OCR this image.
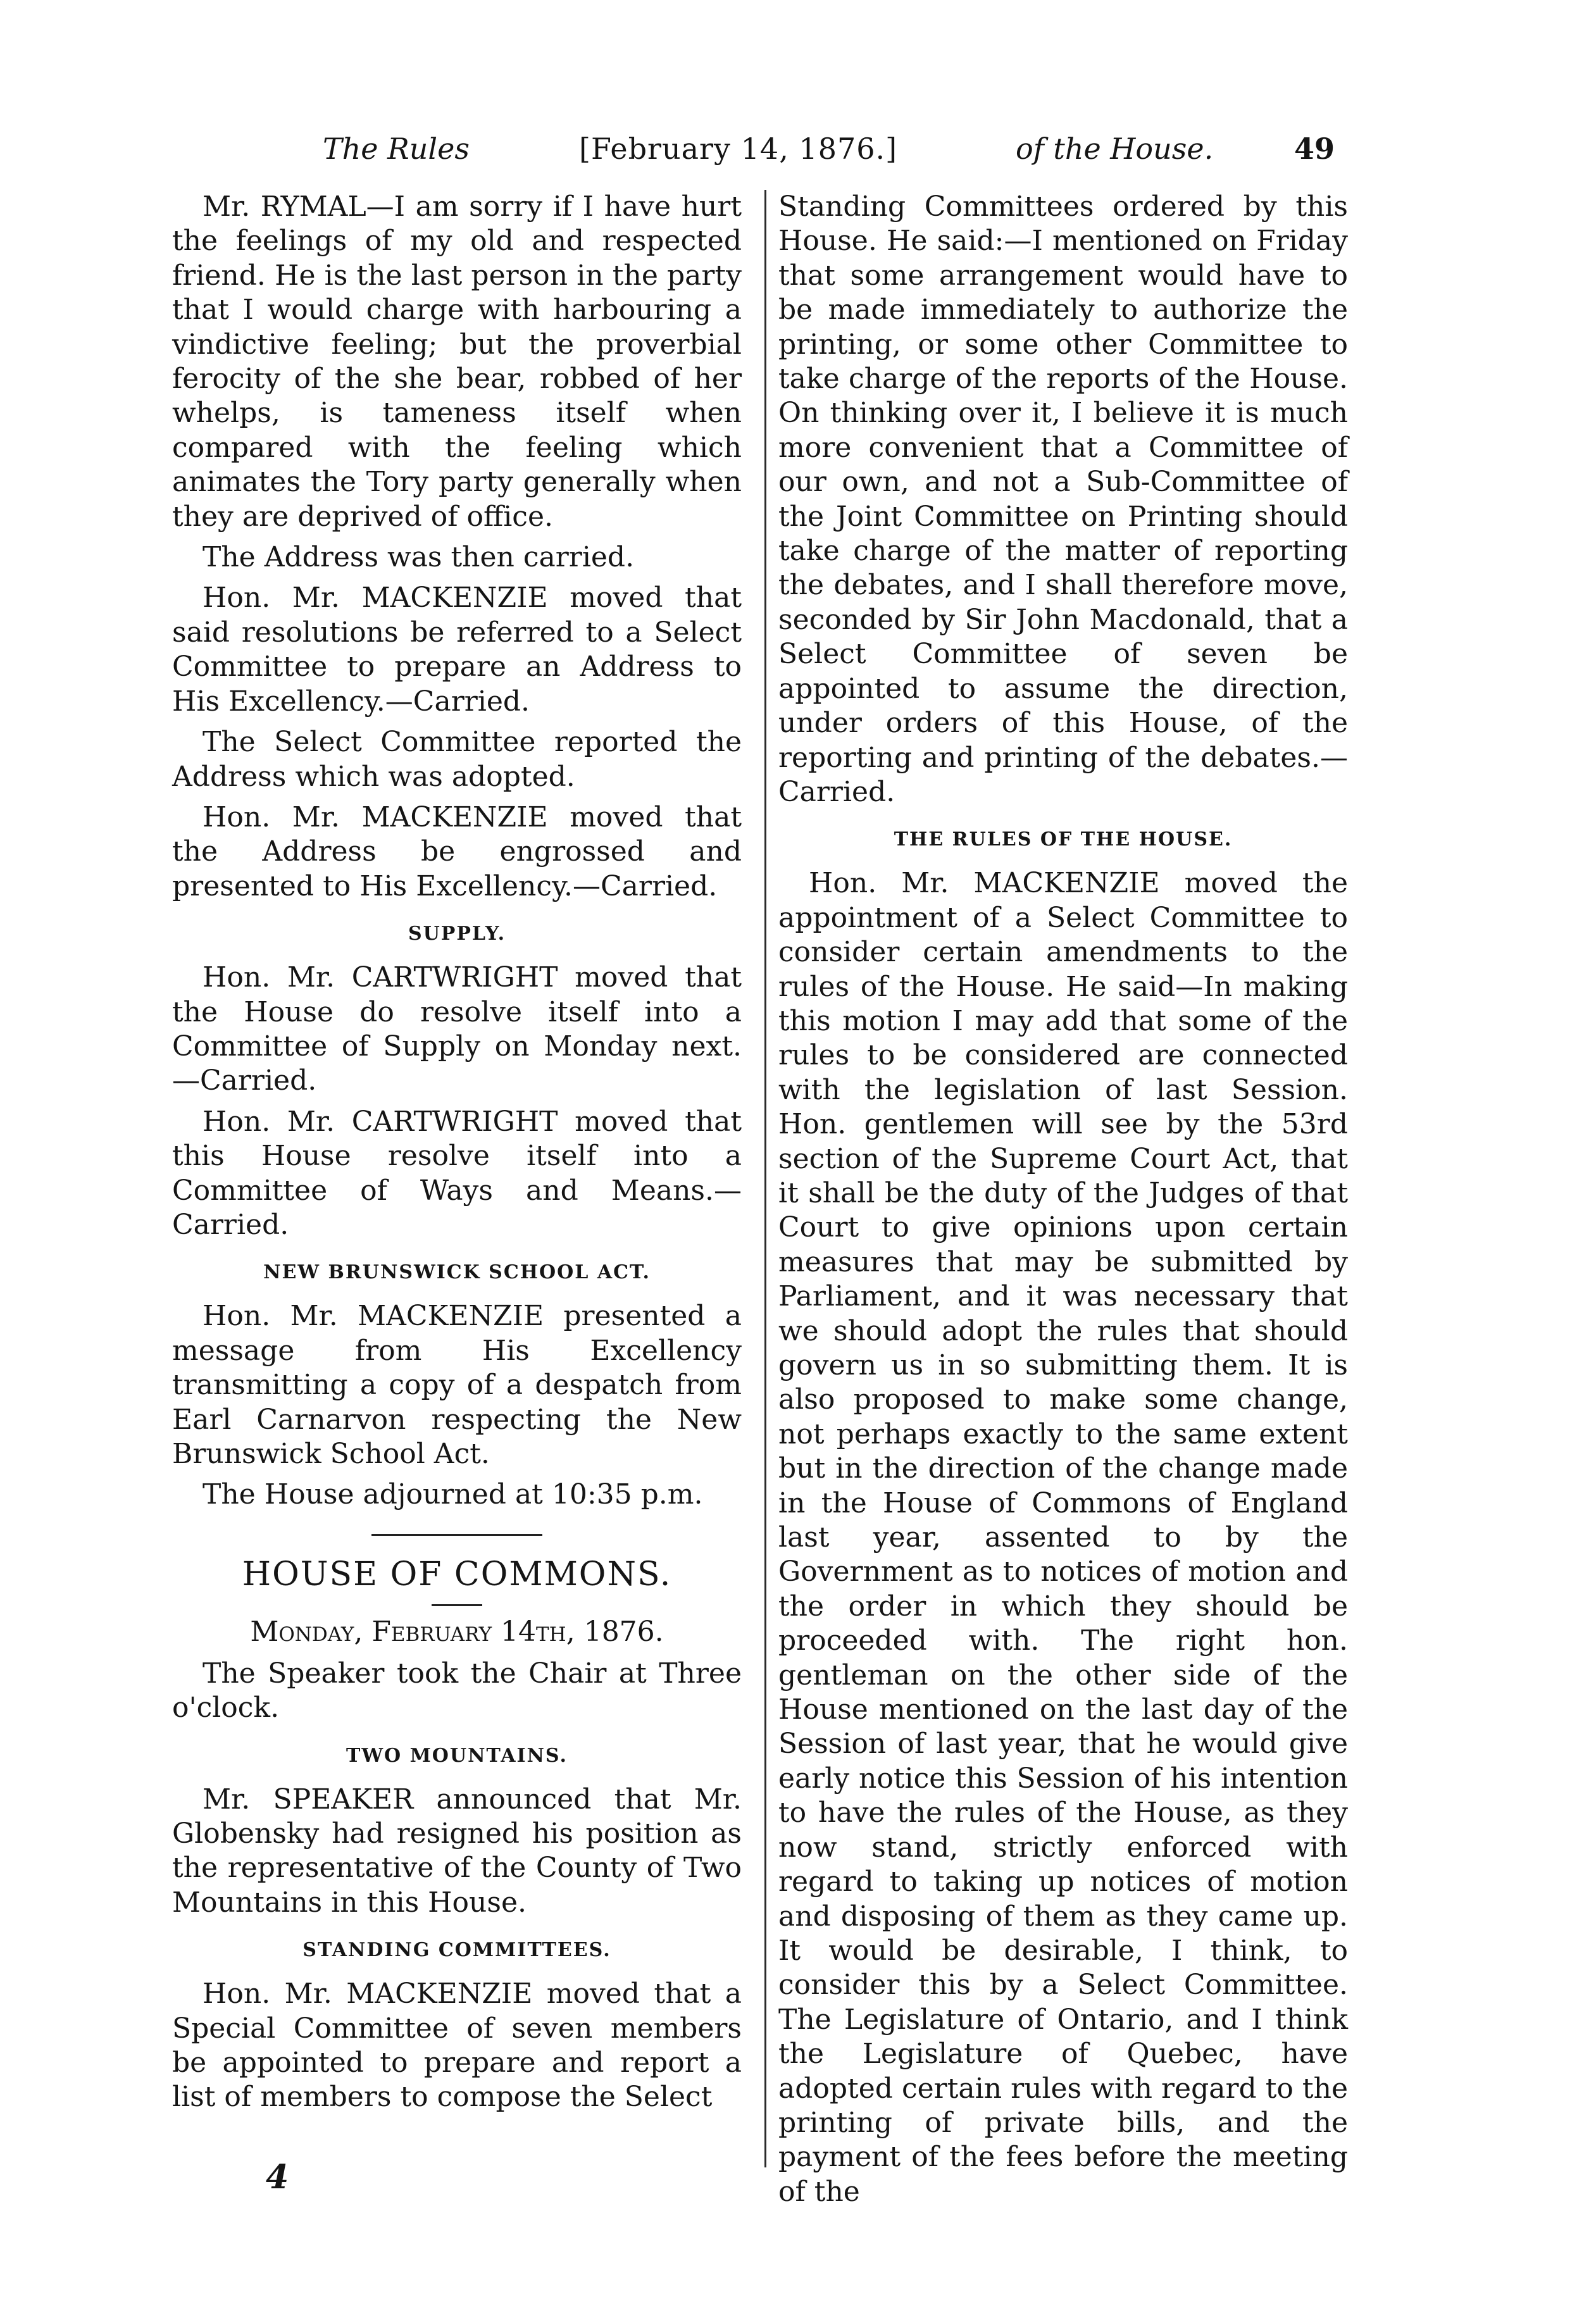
The Rules	[February 14, 1876.]	of the House.	49

Mr. RYMAL—I am sorry if I have hurt the feelings of my old and respected friend. He is the last person in the party that I would charge with harbouring a vindictive feeling; but the proverbial ferocity of the she bear, robbed of her whelps, is tameness itself when compared with the feeling which animates the Tory party generally when they are deprived of office.

The Address was then carried.

Hon. Mr. MACKENZIE moved that said resolutions be referred to a Select Committee to prepare an Address to His Excellency.—Carried.

The Select Committee reported the Address which was adopted.

Hon. Mr. MACKENZIE moved that the Address be engrossed and presented to His Excellency.—Carried.

SUPPLY.

Hon. Mr. CARTWRIGHT moved that the House do resolve itself into a Committee of Supply on Monday next.—Carried.

Hon. Mr. CARTWRIGHT moved that this House resolve itself into a Committee of Ways and Means.—Carried.

NEW BRUNSWICK SCHOOL ACT.

Hon. Mr. MACKENZIE presented a message from His Excellency transmitting a copy of a despatch from Earl Carnarvon respecting the New Brunswick School Act.

The House adjourned at 10:35 p.m.

HOUSE OF COMMONS.
Monday, February 14th, 1876.

The Speaker took the Chair at Three o'clock.

TWO MOUNTAINS.

Mr. SPEAKER announced that Mr. Globensky had resigned his position as the representative of the County of Two Mountains in this House.

STANDING COMMITTEES.

Hon. Mr. MACKENZIE moved that a Special Committee of seven members be appointed to prepare and report a list of members to compose the Select

Standing Committees ordered by this House. He said:—I mentioned on Friday that some arrangement would have to be made immediately to authorize the printing, or some other Committee to take charge of the reports of the House. On thinking over it, I believe it is much more convenient that a Committee of our own, and not a Sub-Committee of the Joint Committee on Printing should take charge of the matter of reporting the debates, and I shall therefore move, seconded by Sir John Macdonald, that a Select Committee of seven be appointed to assume the direction, under orders of this House, of the reporting and printing of the debates.—Carried.

THE RULES OF THE HOUSE.

Hon. Mr. MACKENZIE moved the appointment of a Select Committee to consider certain amendments to the rules of the House. He said—In making this motion I may add that some of the rules to be considered are connected with the legislation of last Session. Hon. gentlemen will see by the 53rd section of the Supreme Court Act, that it shall be the duty of the Judges of that Court to give opinions upon certain measures that may be submitted by Parliament, and it was necessary that we should adopt the rules that should govern us in so submitting them. It is also proposed to make some change, not perhaps exactly to the same extent but in the direction of the change made in the House of Commons of England last year, assented to by the Government as to notices of motion and the order in which they should be proceeded with. The right hon. gentleman on the other side of the House mentioned on the last day of the Session of last year, that he would give early notice this Session of his intention to have the rules of the House, as they now stand, strictly enforced with regard to taking up notices of motion and disposing of them as they came up. It would be desirable, I think, to consider this by a Select Committee. The Legislature of Ontario, and I think the Legislature of Quebec, have adopted certain rules with regard to the printing of private bills, and the payment of the fees before the meeting of the

4
